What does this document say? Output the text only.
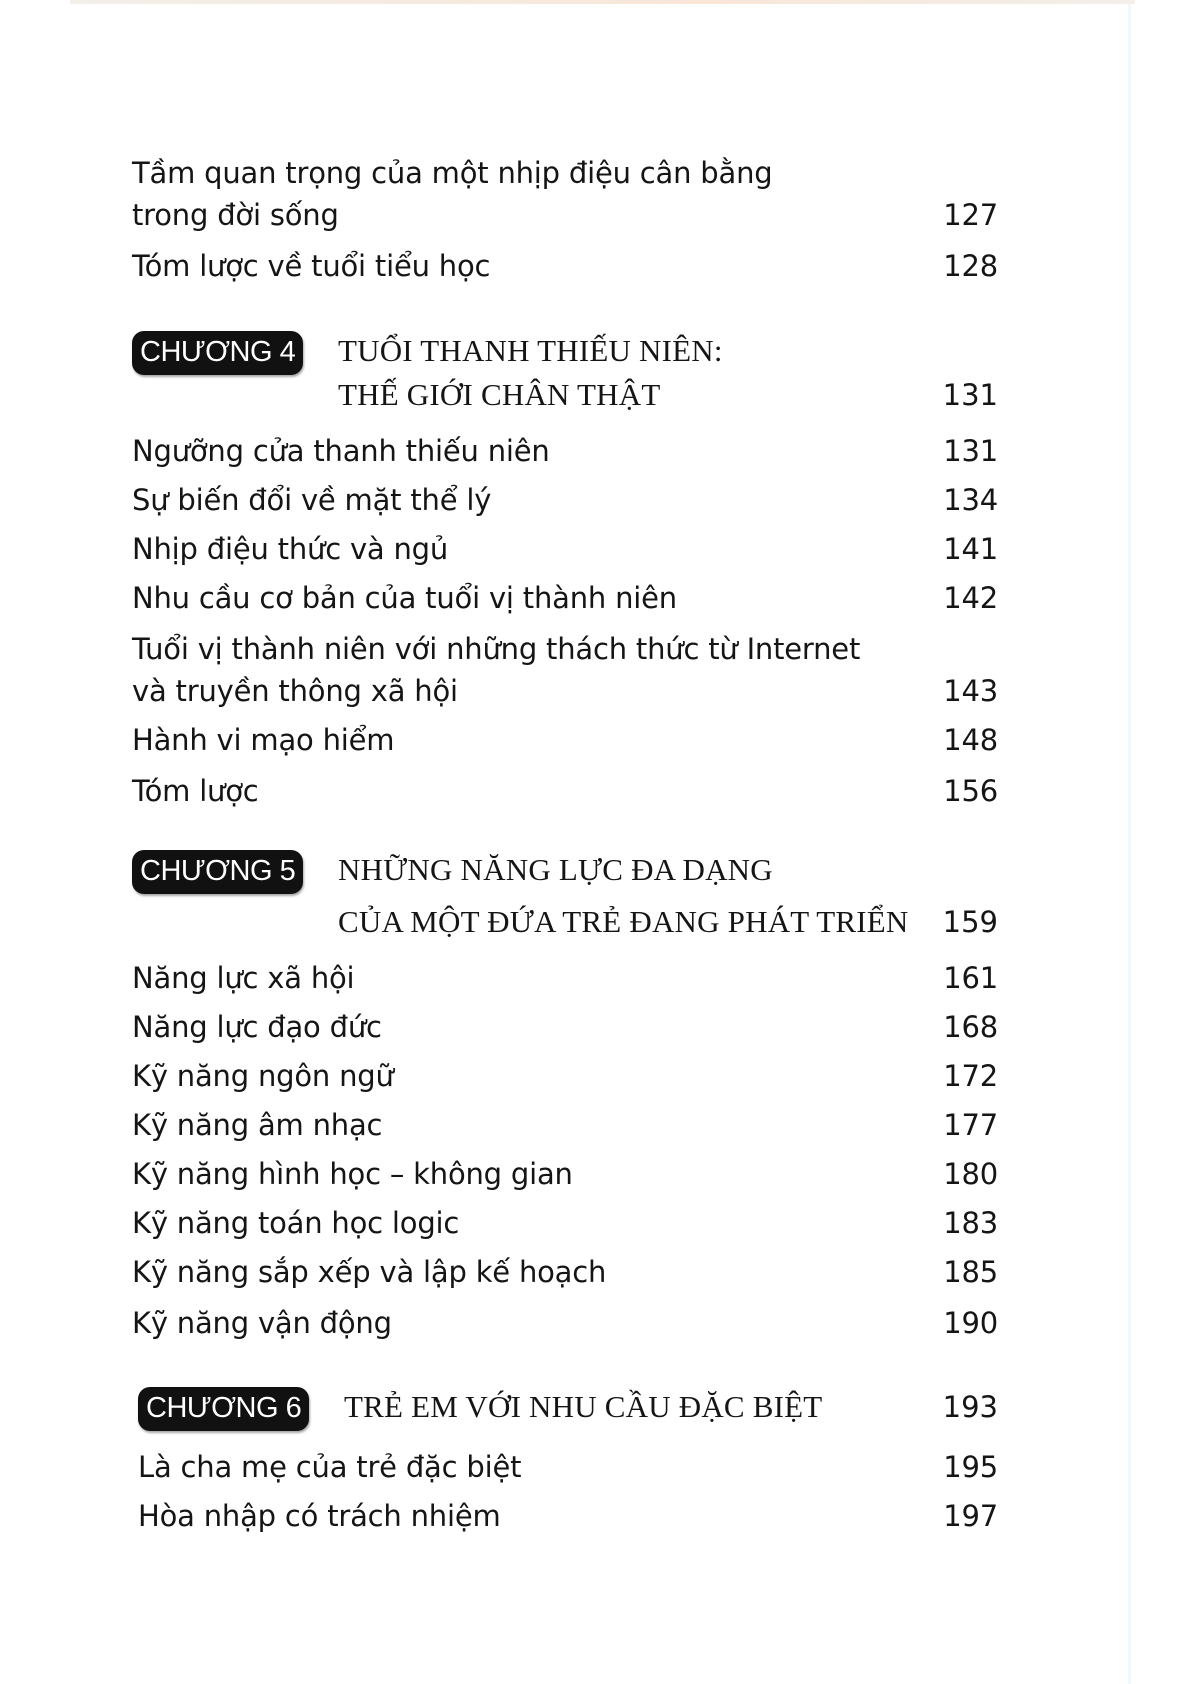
Tầm quan trọng của một nhịp điệu cân bằng
trong đời sống	127
Tóm lược về tuổi tiểu học	128
CHƯƠNG 4 TUỔI THANH THIẾU NIÊN:
THẾ GIỚI CHÂN THẬT	131
Ngưỡng cửa thanh thiếu niên	131
Sự biến đổi về mặt thể lý	134
Nhịp điệu thức và ngủ	141
Nhu cầu cơ bản của tuổi vị thành niên	142
Tuổi vị thành niên với những thách thức từ Internet
và truyền thông xã hội	143
Hành vi mạo hiểm	148
Tóm lược	156
CHƯƠNG 5 NHỮNG NĂNG LỰC ĐA DẠNG
CỦA MỘT ĐỨA TRẺ ĐANG PHÁT TRIỂN 159
Năng lực xã hội	161
Năng lực đạo đức	168
Kỹ năng ngôn ngữ	172
Kỹ năng âm nhạc	177
Kỹ năng hình học – không gian	180
Kỹ năng toán học logic	183
Kỹ năng sắp xếp và lập kế hoạch	185
Kỹ năng vận động	190
CHƯƠNG 6 TRẺ EM VỚI NHU CẦU ĐẶC BIỆT	193
Là cha mẹ của trẻ đặc biệt	195
Hòa nhập có trách nhiệm	197
